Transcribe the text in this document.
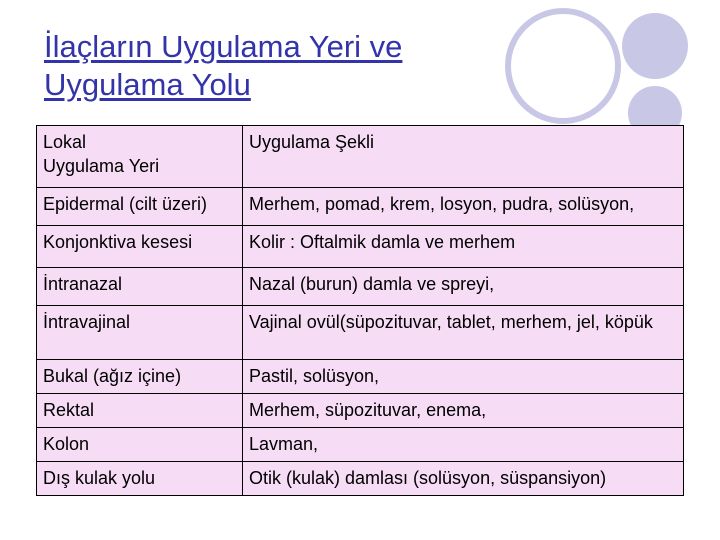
İlaçların Uygulama Yeri ve
Uygulama Yolu
Lokal
Uygulama Yeri	Uygulama Şekli
Epidermal (cilt üzeri)	Merhem, pomad, krem, losyon, pudra, solüsyon,
Konjonktiva kesesi	Kolir : Oftalmik damla ve merhem
İntranazal	Nazal (burun) damla ve spreyi,
İntravajinal	Vajinal ovül(süpozituvar, tablet, merhem, jel, köpük
Bukal (ağız içine)	Pastil, solüsyon,
Rektal	Merhem, süpozituvar, enema,
Kolon	Lavman,
Dış kulak yolu	Otik (kulak) damlası (solüsyon, süspansiyon)
